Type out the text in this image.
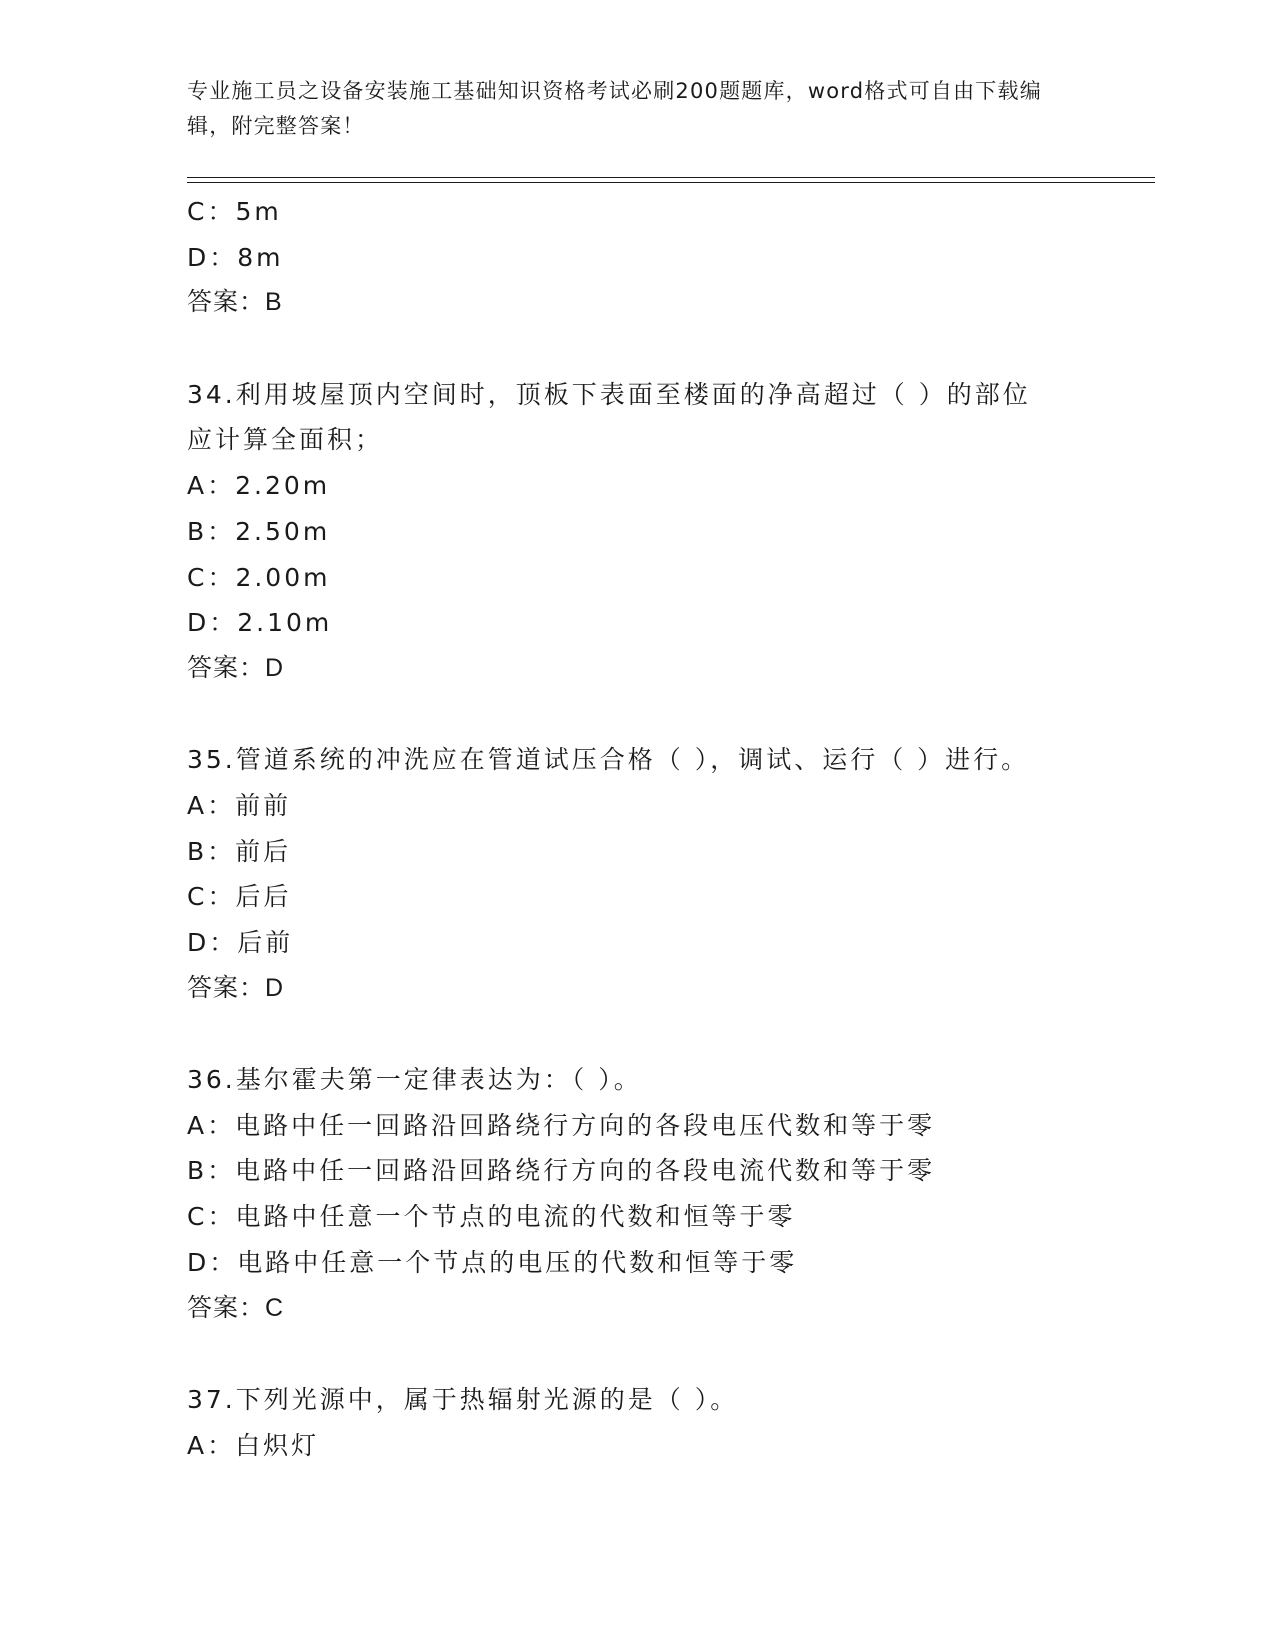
专业施工员之设备安装施工基础知识资格考试必刷200题题库，word格式可自由下载编辑，附完整答案！
C：5m
D：8m
答案：B
34.利用坡屋顶内空间时，顶板下表面至楼面的净高超过（ ）的部位
应计算全面积；
A：2.20m
B：2.50m
C：2.00m
D：2.10m
答案：D
35.管道系统的冲洗应在管道试压合格（ ），调试、运行（ ）进行。
A：前前
B：前后
C：后后
D：后前
答案：D
36.基尔霍夫第一定律表达为：（ ）。
A：电路中任一回路沿回路绕行方向的各段电压代数和等于零
B：电路中任一回路沿回路绕行方向的各段电流代数和等于零
C：电路中任意一个节点的电流的代数和恒等于零
D：电路中任意一个节点的电压的代数和恒等于零
答案：C
37.下列光源中，属于热辐射光源的是（ ）。
A：白炽灯
